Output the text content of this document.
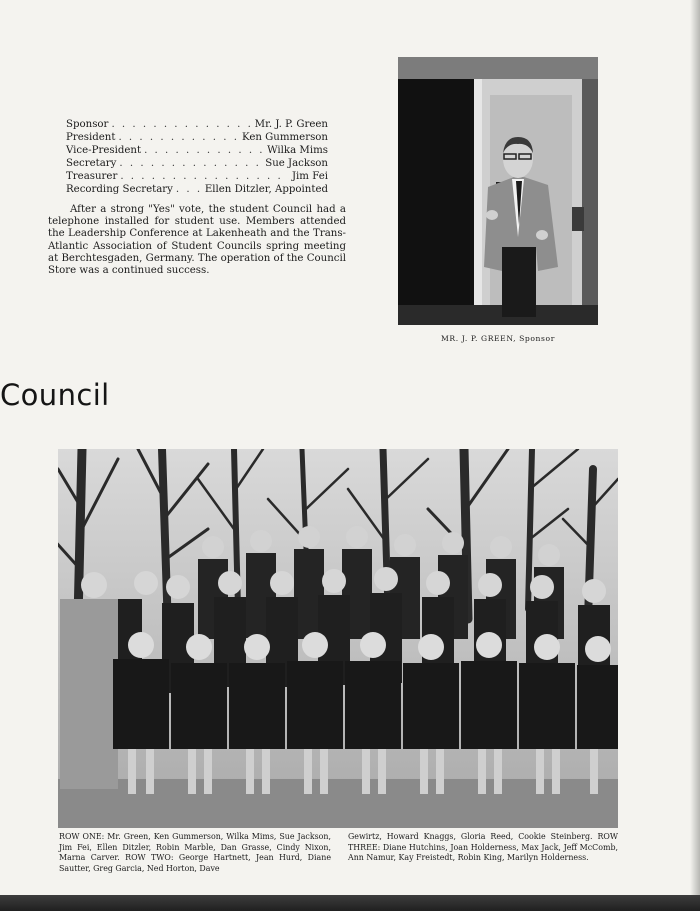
Sponsor . . .	Mr. J. P. Green
President . . .	Ken Gummerson
Vice-President . . .	Wilka Mims
Secretary . . .	Sue Jackson
Treasurer . . .	Jim Fei
Recording Secretary . . .	Ellen Ditzler, Appointed

After a strong "Yes" vote, the student Council had a telephone installed for student use. Members attended the Leadership Conference at Lakenheath and the Trans-Atlantic Association of Student Councils spring meeting at Berchtesgaden, Germany. The operation of the Council Store was a continued success.

MR. J. P. GREEN, Sponsor
Council

ROW ONE: Mr. Green, Ken Gummerson, Wilka Mims, Sue Jackson, Jim Fei, Ellen Ditzler, Robin Marble, Dan Grasse, Cindy Nixon, Marna Carver. ROW TWO: George Hartnett, Jean Hurd, Diane Sautter, Greg Garcia, Ned Horton, Dave

Gewirtz, Howard Knaggs, Gloria Reed, Cookie Steinberg. ROW THREE: Diane Hutchins, Joan Holderness, Max Jack, Jeff McComb, Ann Namur, Kay Freistedt, Robin King, Marilyn Holderness.
